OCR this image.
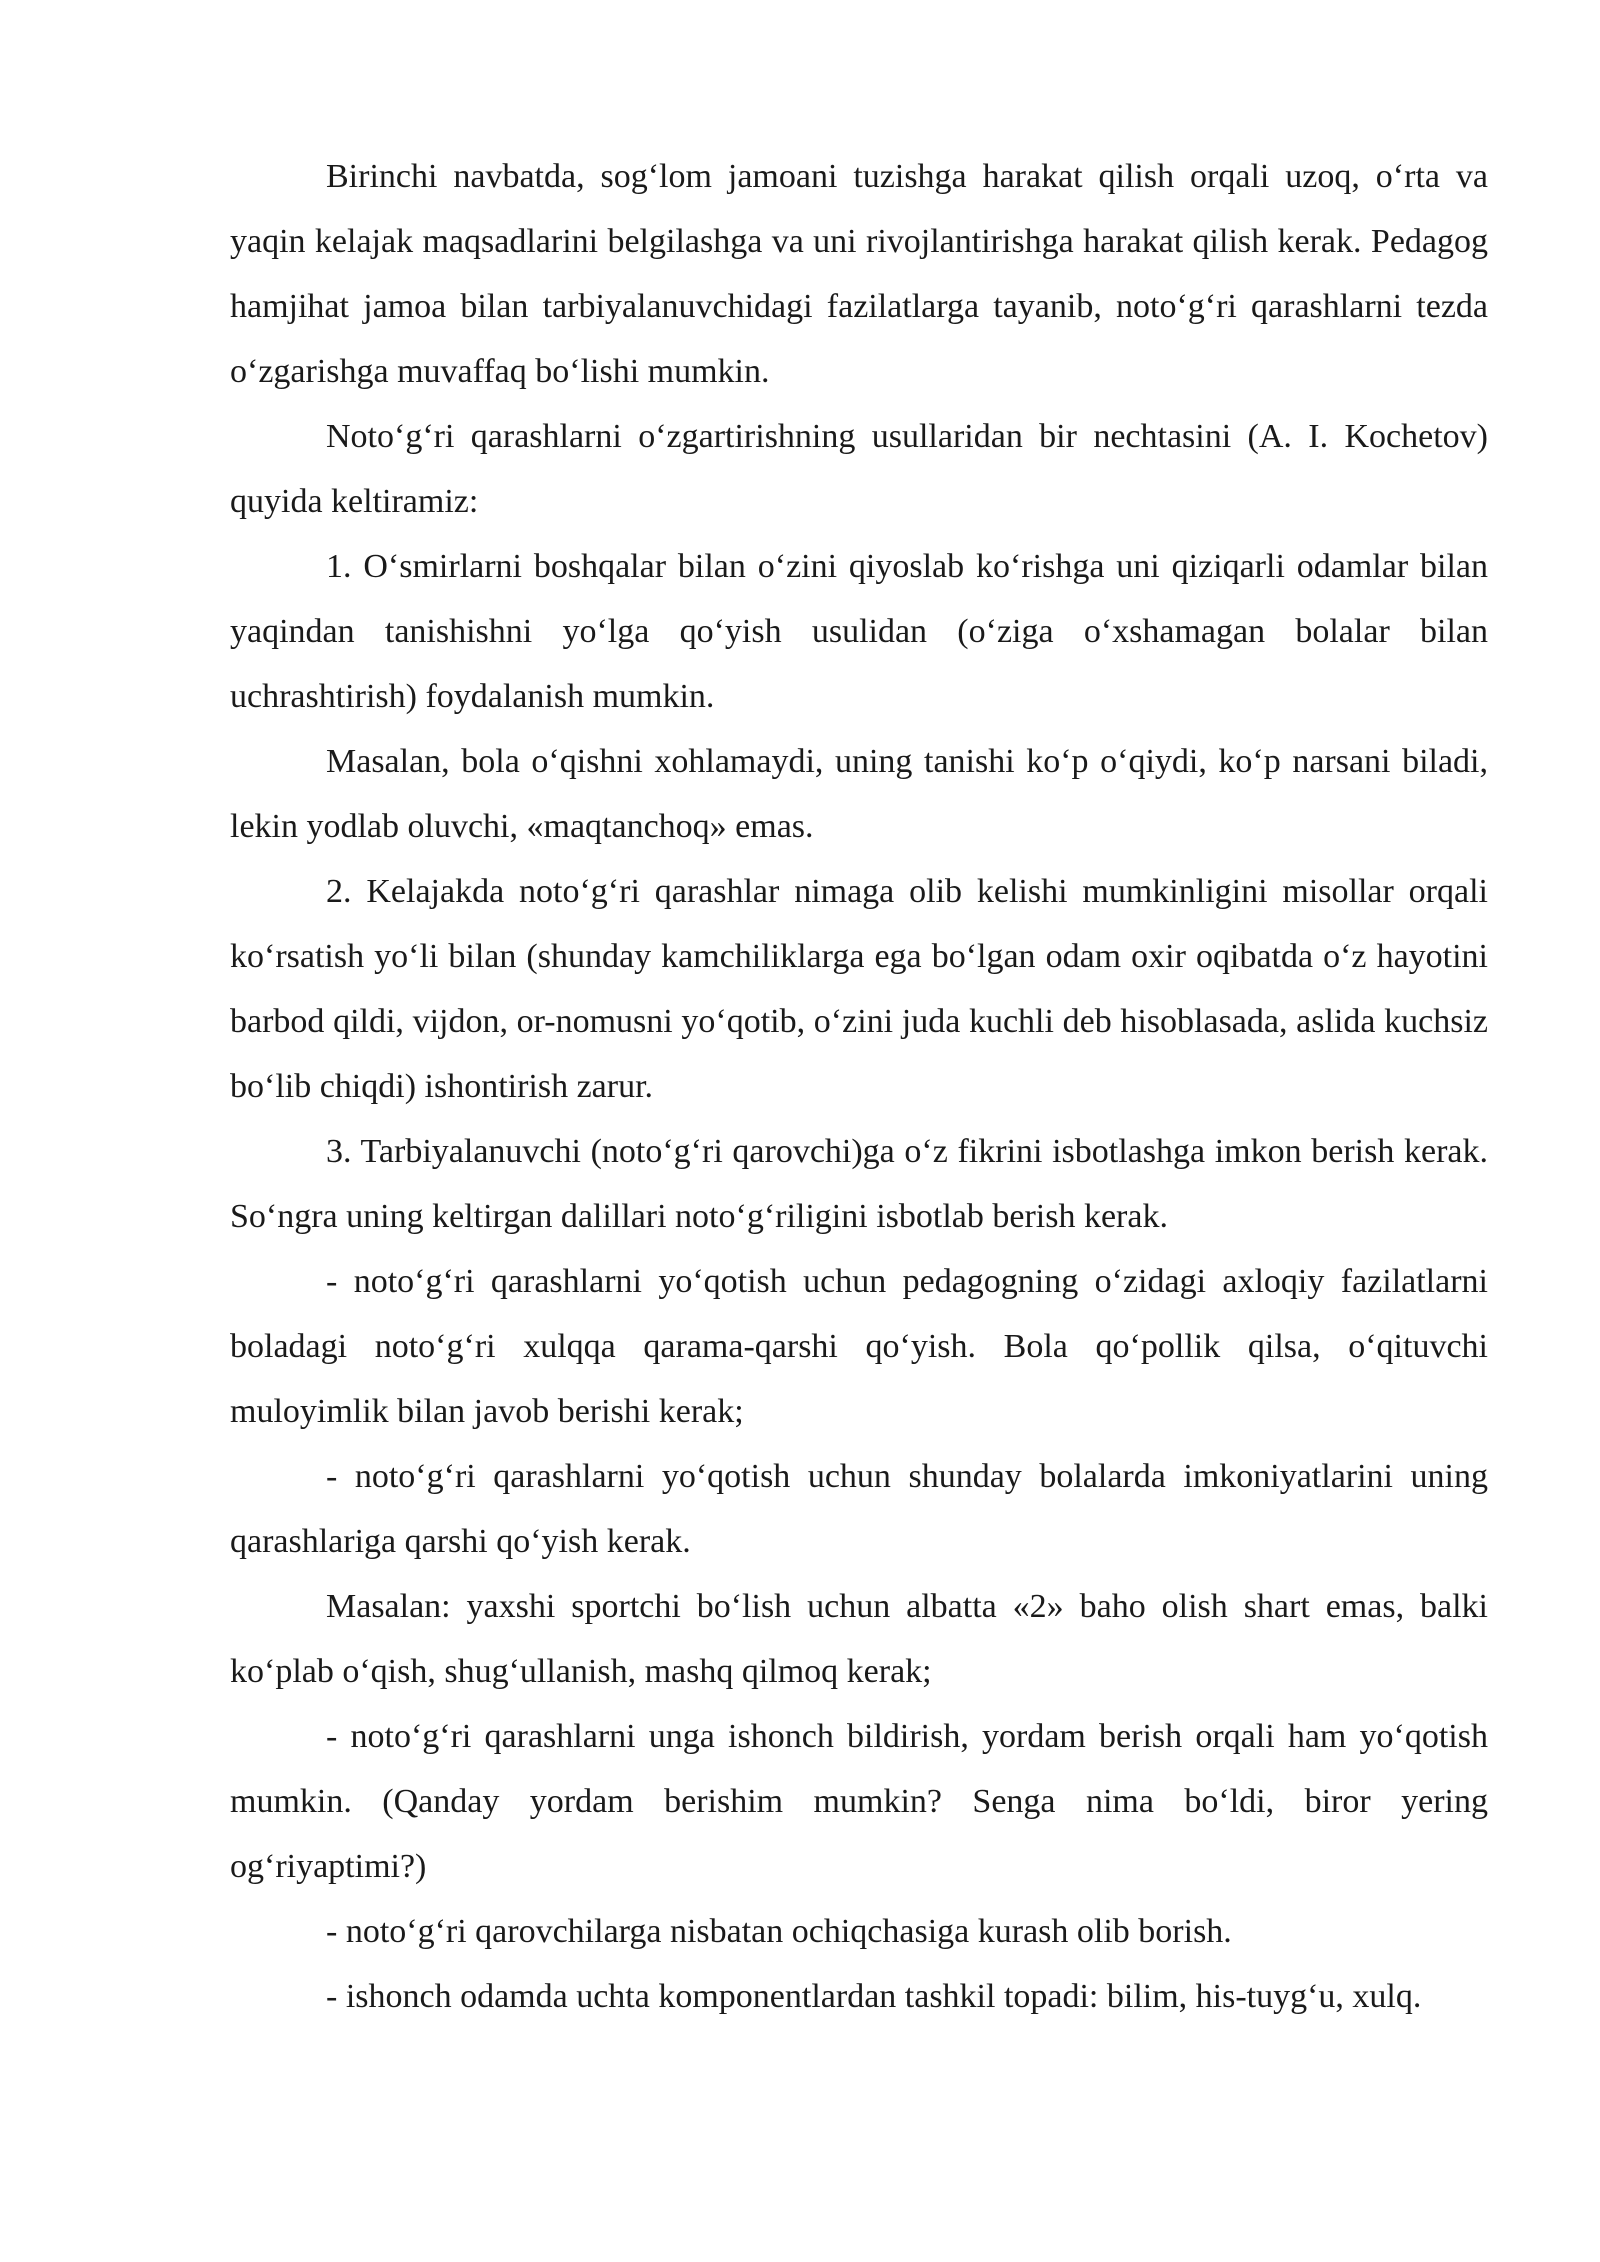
Birinchi navbatda, sog‘lom jamoani tuzishga harakat qilish orqali uzoq, o‘rta va yaqin kelajak maqsadlarini belgilashga va uni rivojlantirishga harakat qilish kerak. Pedagog hamjihat jamoa bilan tarbiyalanuvchidagi fazilatlarga tayanib, noto‘g‘ri qarashlarni tezda o‘zgarishga muvaffaq bo‘lishi mumkin.

Noto‘g‘ri qarashlarni o‘zgartirishning usullaridan bir nechtasini (A. I. Kochetov) quyida keltiramiz:

1. O‘smirlarni boshqalar bilan o‘zini qiyoslab ko‘rishga uni qiziqarli odamlar bilan yaqindan tanishishni yo‘lga qo‘yish usulidan (o‘ziga o‘xshamagan bolalar bilan uchrashtirish) foydalanish mumkin.

Masalan, bola o‘qishni xohlamaydi, uning tanishi ko‘p o‘qiydi, ko‘p narsani biladi, lekin yodlab oluvchi, «maqtanchoq» emas.

2. Kelajakda noto‘g‘ri qarashlar nimaga olib kelishi mumkinligini misollar orqali ko‘rsatish yo‘li bilan (shunday kamchiliklarga ega bo‘lgan odam oxir oqibatda o‘z hayotini barbod qildi, vijdon, or-nomusni yo‘qotib, o‘zini juda kuchli deb hisoblasada, aslida kuchsiz bo‘lib chiqdi) ishontirish zarur.

3. Tarbiyalanuvchi (noto‘g‘ri qarovchi)ga o‘z fikrini isbotlashga imkon berish kerak. So‘ngra uning keltirgan dalillari noto‘g‘riligini isbotlab berish kerak.

- noto‘g‘ri qarashlarni yo‘qotish uchun pedagogning o‘zidagi axloqiy fazilatlarni boladagi noto‘g‘ri xulqqa qarama-qarshi qo‘yish. Bola qo‘pollik qilsa, o‘qituvchi muloyimlik bilan javob berishi kerak;

- noto‘g‘ri qarashlarni yo‘qotish uchun shunday bolalarda imkoniyatlarini uning qarashlariga qarshi qo‘yish kerak.

Masalan: yaxshi sportchi bo‘lish uchun albatta «2» baho olish shart emas, balki ko‘plab o‘qish, shug‘ullanish, mashq qilmoq kerak;

- noto‘g‘ri qarashlarni unga ishonch bildirish, yordam berish orqali ham yo‘qotish mumkin. (Qanday yordam berishim mumkin? Senga nima bo‘ldi, biror yering og‘riyaptimi?)

- noto‘g‘ri qarovchilarga nisbatan ochiqchasiga kurash olib borish.

- ishonch odamda uchta komponentlardan tashkil topadi: bilim, his-tuyg‘u, xulq.
